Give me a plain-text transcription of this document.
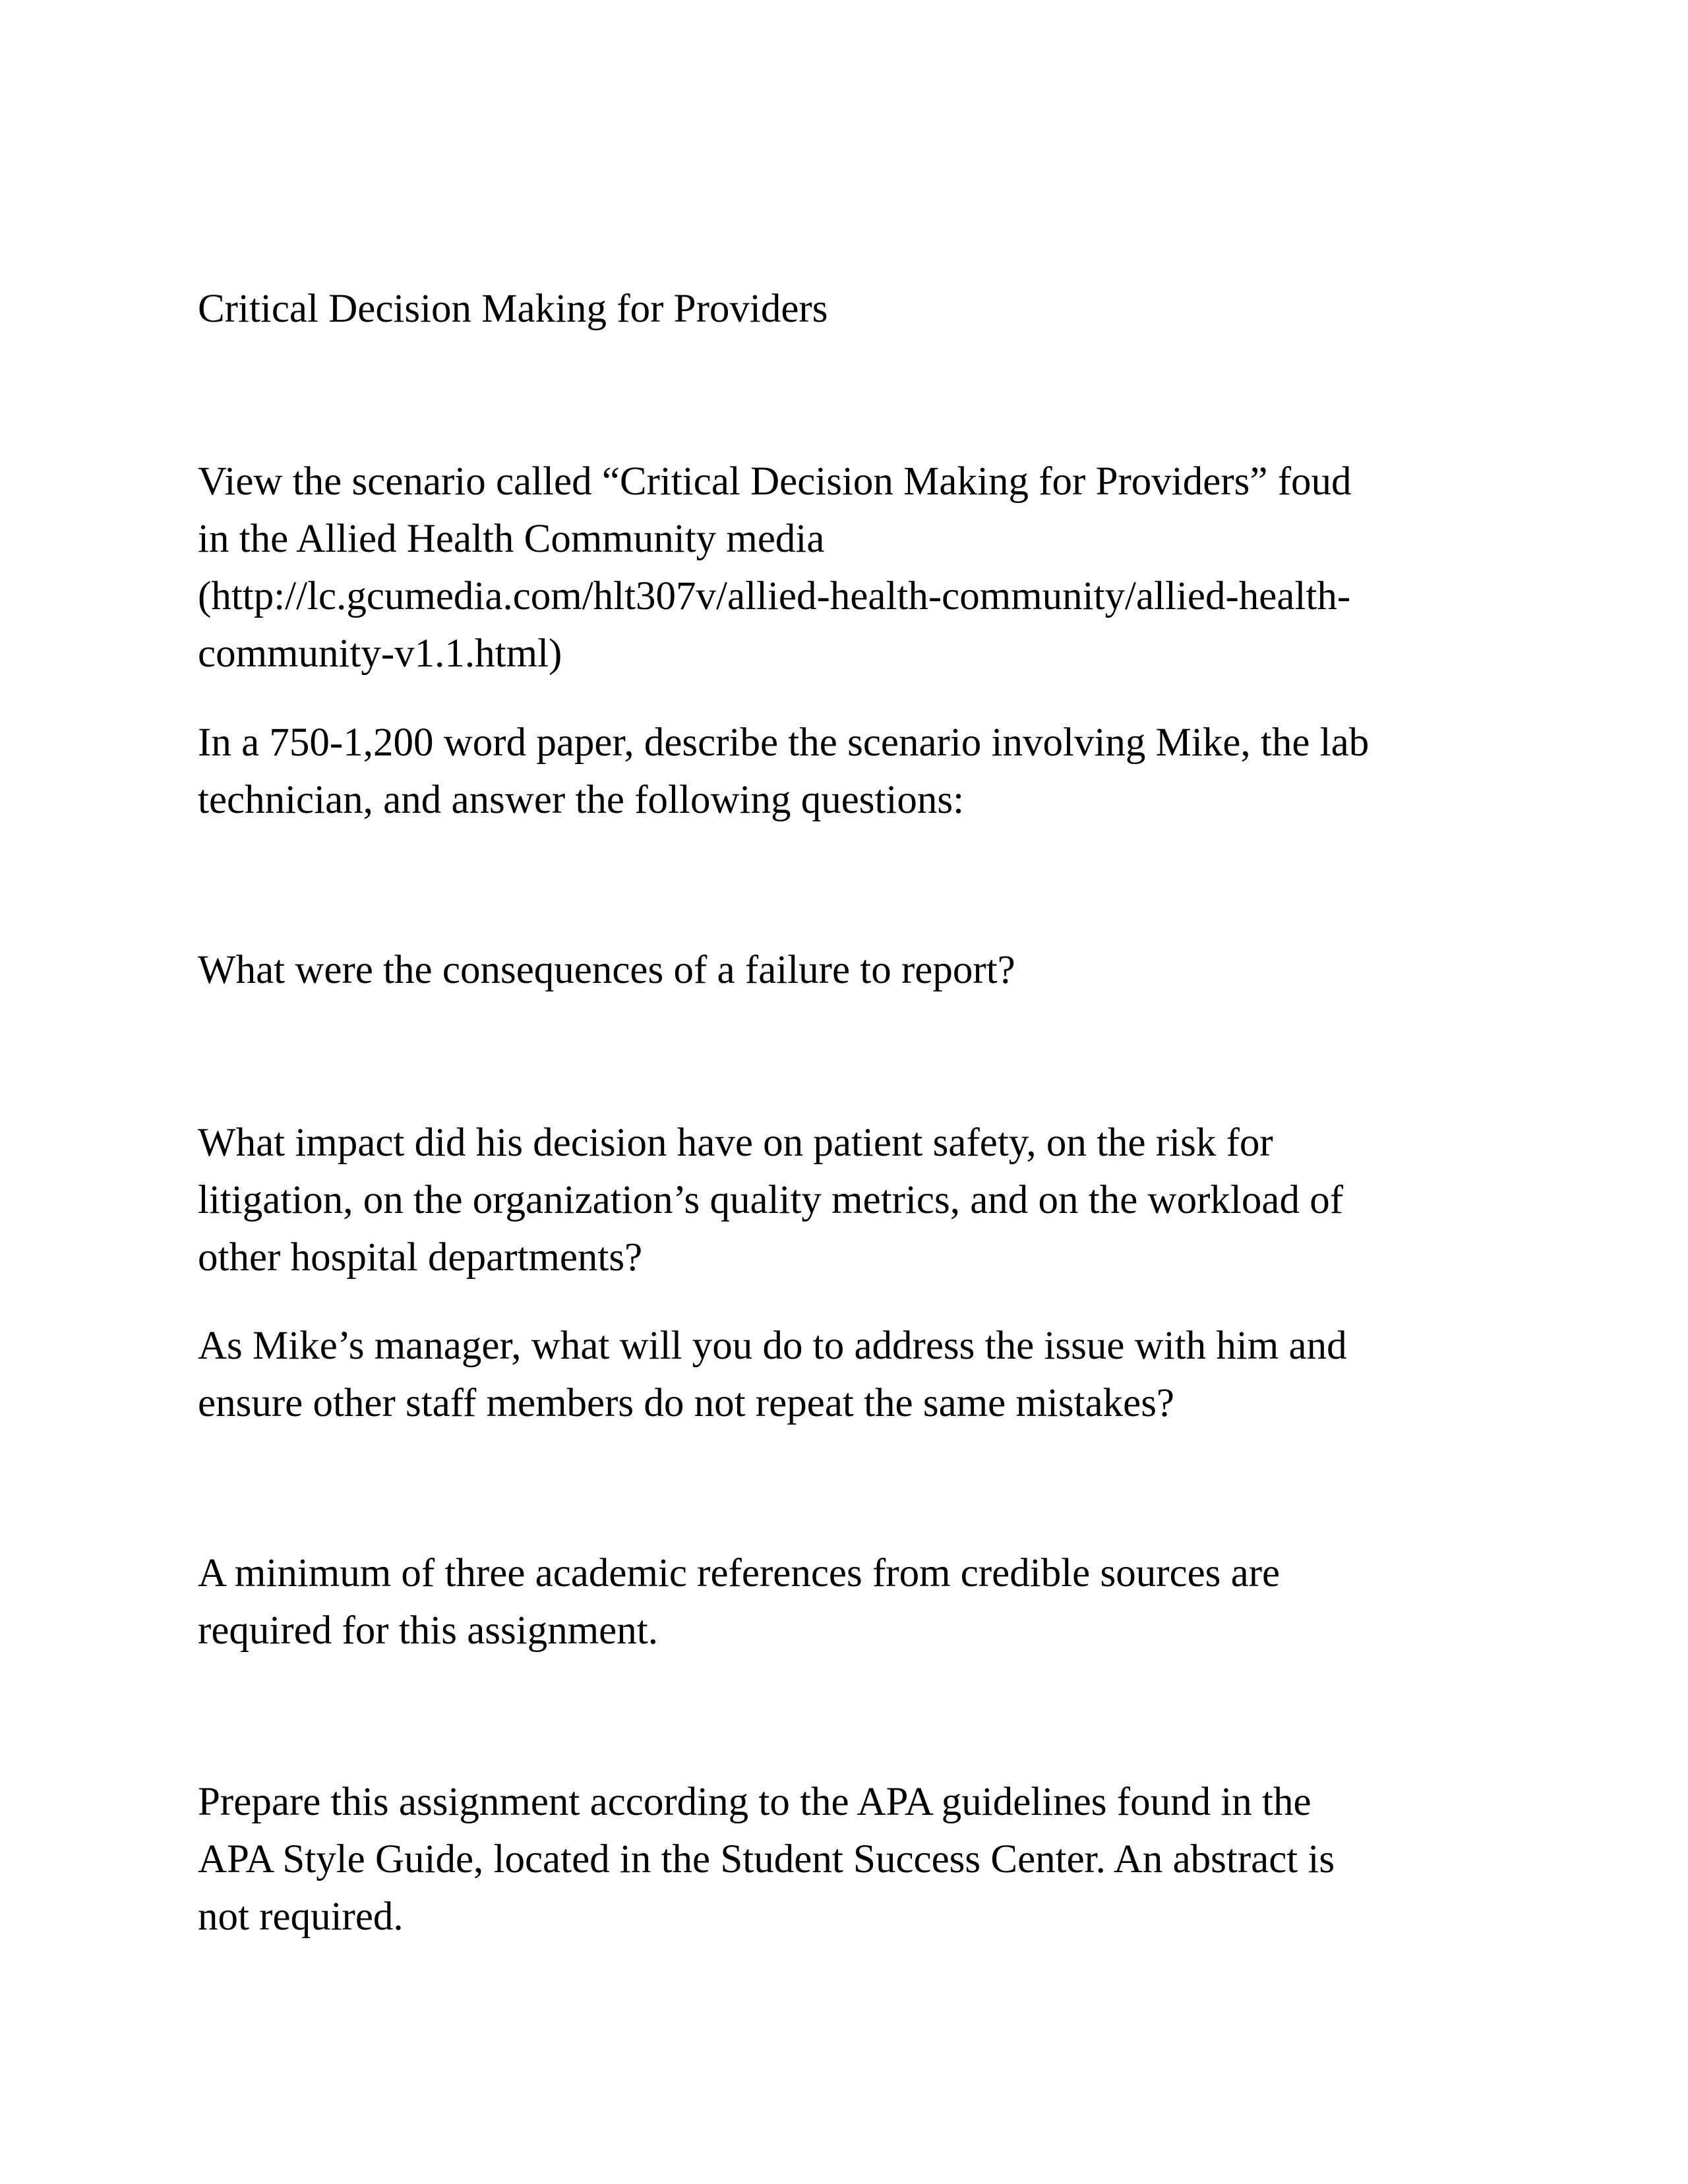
Critical Decision Making for Providers

View the scenario called “Critical Decision Making for Providers” foud
in the Allied Health Community media
(http://lc.gcumedia.com/hlt307v/allied-health-community/allied-health-
community-v1.1.html)

In a 750-1,200 word paper, describe the scenario involving Mike, the lab
technician, and answer the following questions:

What were the consequences of a failure to report?

What impact did his decision have on patient safety, on the risk for
litigation, on the organization’s quality metrics, and on the workload of
other hospital departments?

As Mike’s manager, what will you do to address the issue with him and
ensure other staff members do not repeat the same mistakes?

A minimum of three academic references from credible sources are
required for this assignment.

Prepare this assignment according to the APA guidelines found in the
APA Style Guide, located in the Student Success Center. An abstract is
not required.
